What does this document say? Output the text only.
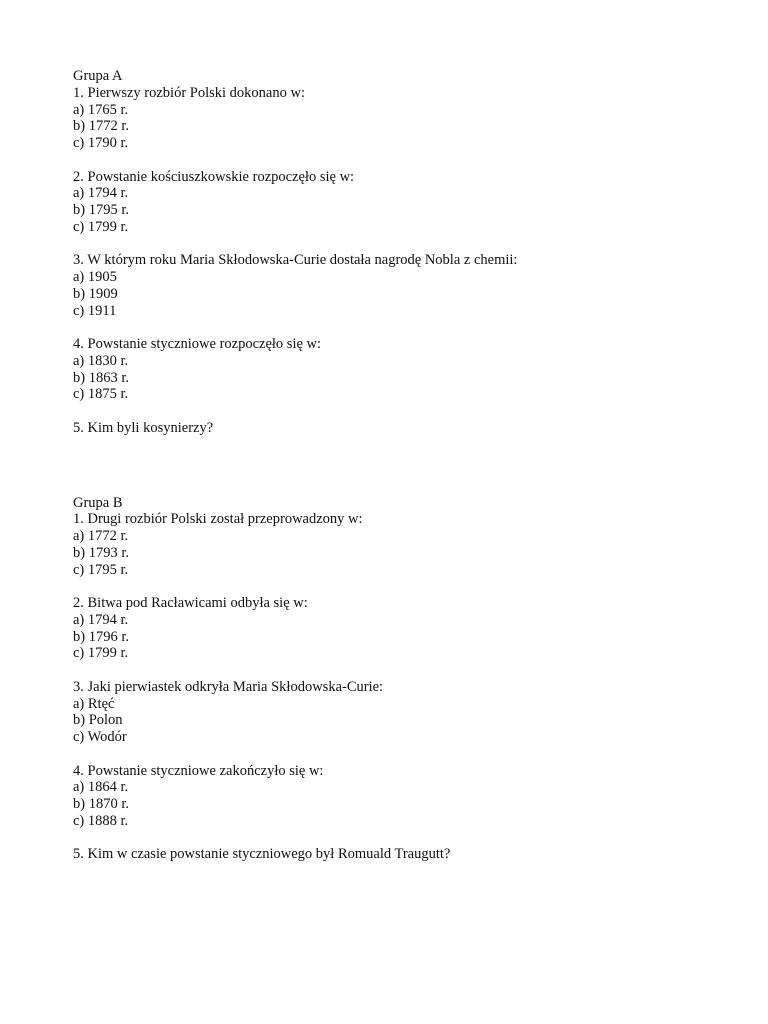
Grupa A
1. Pierwszy rozbiór Polski dokonano w:
a) 1765 r.
b) 1772 r.
c) 1790 r.
2. Powstanie kościuszkowskie rozpoczęło się w:
a) 1794 r.
b) 1795 r.
c) 1799 r.
3. W którym roku Maria Skłodowska-Curie dostała nagrodę Nobla z chemii:
a) 1905
b) 1909
c) 1911
4. Powstanie styczniowe rozpoczęło się w:
a) 1830 r.
b) 1863 r.
c) 1875 r.
5. Kim byli kosynierzy?
Grupa B
1. Drugi rozbiór Polski został przeprowadzony w:
a) 1772 r.
b) 1793 r.
c) 1795 r.
2. Bitwa pod Racławicami odbyła się w:
a) 1794 r.
b) 1796 r.
c) 1799 r.
3. Jaki pierwiastek odkryła Maria Skłodowska-Curie:
a) Rtęć
b) Polon
c) Wodór
4. Powstanie styczniowe zakończyło się w:
a) 1864 r.
b) 1870 r.
c) 1888 r.
5. Kim w czasie powstanie styczniowego był Romuald Traugutt?
